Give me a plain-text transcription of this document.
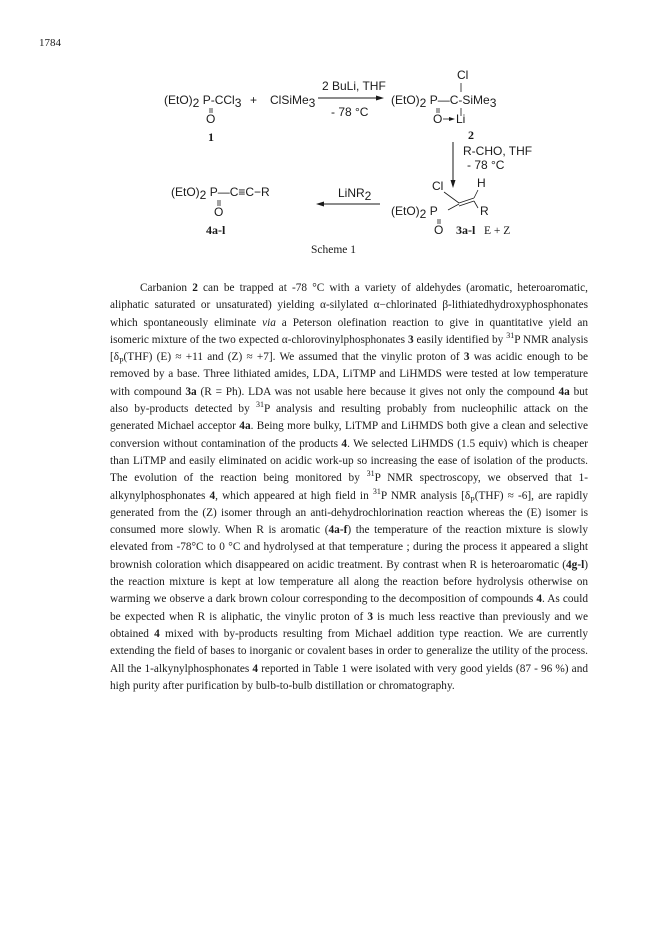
1784
(EtO)2 P-CCl3
O
1
+ ClSiMe3
2 BuLi, THF
- 78 °C
Cl
(EtO)2 P—C-SiMe3
O Li
2
R-CHO, THF
- 78 °C
Cl	H
R
(EtO)2 P
O 3a-l E + Z
LiNR2
(EtO)2 P—C≡C−R
O
4a-l
Scheme 1

Carbanion 2 can be trapped at -78 °C with a variety of aldehydes (aromatic, heteroaromatic, aliphatic saturated or unsaturated) yielding α-silylated α−chlorinated β-lithiatedhydroxyphosphonates which spontaneously eliminate via a Peterson olefination reaction to give in quantitative yield an isomeric mixture of the two expected α-chlorovinylphosphonates 3 easily identified by $^{31}$P NMR analysis [$\delta_P(THF) (E) \approx +11$ and (Z) ≈ +7]. We assumed that the vinylic proton of 3 was acidic enough to be removed by a base. Three lithiated amides, LDA, LiTMP and LiHMDS were tested at low temperature with compound 3a (R = Ph). LDA was not usable here because it gives not only the compound 4a but also by-products detected by $^{31}$P analysis and resulting probably from nucleophilic attack on the generated Michael acceptor 4a. Being more bulky, LiTMP and LiHMDS both give a clean and selective conversion without contamination of the products 4. We selected LiHMDS (1.5 equiv) which is cheaper than LiTMP and easily eliminated on acidic work-up so increasing the ease of isolation of the products. The evolution of the reaction being monitored by $^{31}$P NMR spectroscopy, we observed that 1-alkynylphosphonates 4, which appeared at high field in $^{31}$P NMR analysis $[\delta_P(THF) \approx -6]$, are rapidly generated from the (Z) isomer through an anti-dehydrochlorination reaction whereas the (E) isomer is consumed more slowly. When R is aromatic (4a-f) the temperature of the reaction mixture is slowly elevated from -78°C to 0 °C and hydrolysed at that temperature ; during the process it appeared a slight brownish coloration which disappeared on acidic treatment. By contrast when R is heteroaromatic (4g-l) the reaction mixture is kept at low temperature all along the reaction before hydrolysis otherwise on warming we observe a dark brown colour corresponding to the decomposition of compounds 4. As could be expected when R is aliphatic, the vinylic proton of 3 is much less reactive than previously and we obtained 4 mixed with by-products resulting from Michael addition type reaction. We are currently extending the field of bases to inorganic or covalent bases in order to generalize the utility of the process. All the 1-alkynylphosphonates 4 reported in Table 1 were isolated with very good yields (87 - 96 %) and high purity after purification by bulb-to-bulb distillation or chromatography.
